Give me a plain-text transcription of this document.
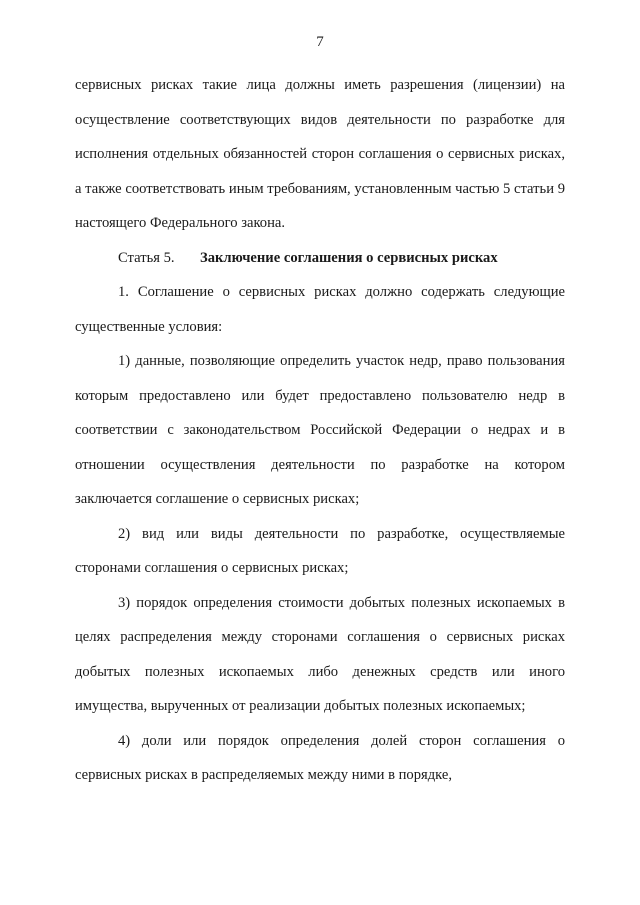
7

сервисных рисках такие лица должны иметь разрешения (лицензии) на осуществление соответствующих видов деятельности по разработке для исполнения отдельных обязанностей сторон соглашения о сервисных рисках, а также соответствовать иным требованиям, установленным частью 5 статьи 9 настоящего Федерального закона.

Статья 5. Заключение соглашения о сервисных рисках

1. Соглашение о сервисных рисках должно содержать следующие существенные условия:

1) данные, позволяющие определить участок недр, право пользования которым предоставлено или будет предоставлено пользователю недр в соответствии с законодательством Российской Федерации о недрах и в отношении осуществления деятельности по разработке на котором заключается соглашение о сервисных рисках;

2) вид или виды деятельности по разработке, осуществляемые сторонами соглашения о сервисных рисках;

3) порядок определения стоимости добытых полезных ископаемых в целях распределения между сторонами соглашения о сервисных рисках добытых полезных ископаемых либо денежных средств или иного имущества, вырученных от реализации добытых полезных ископаемых;

4) доли или порядок определения долей сторон соглашения о сервисных рисках в распределяемых между ними в порядке,
